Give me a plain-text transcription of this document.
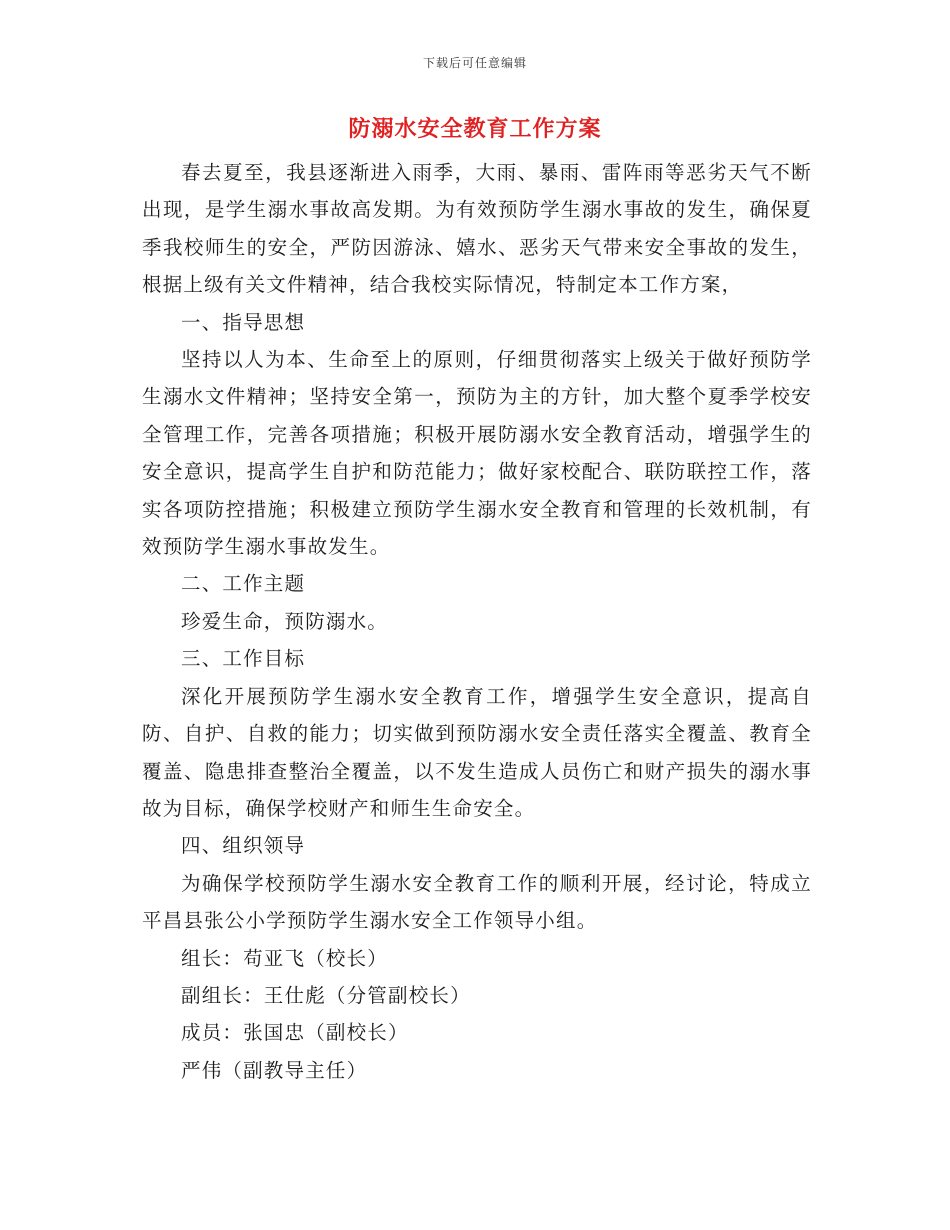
下载后可任意编辑
防溺水安全教育工作方案

春去夏至，我县逐渐进入雨季，大雨、暴雨、雷阵雨等恶劣天气不断出现，是学生溺水事故高发期。为有效预防学生溺水事故的发生，确保夏季我校师生的安全，严防因游泳、嬉水、恶劣天气带来安全事故的发生，根据上级有关文件精神，结合我校实际情况，特制定本工作方案，

一、指导思想

坚持以人为本、生命至上的原则，仔细贯彻落实上级关于做好预防学生溺水文件精神；坚持安全第一，预防为主的方针，加大整个夏季学校安全管理工作，完善各项措施；积极开展防溺水安全教育活动，增强学生的安全意识，提高学生自护和防范能力；做好家校配合、联防联控工作，落实各项防控措施；积极建立预防学生溺水安全教育和管理的长效机制，有效预防学生溺水事故发生。

二、工作主题

珍爱生命，预防溺水。

三、工作目标

深化开展预防学生溺水安全教育工作，增强学生安全意识，提高自防、自护、自救的能力；切实做到预防溺水安全责任落实全覆盖、教育全覆盖、隐患排查整治全覆盖，以不发生造成人员伤亡和财产损失的溺水事故为目标，确保学校财产和师生生命安全。

四、组织领导

为确保学校预防学生溺水安全教育工作的顺利开展，经讨论，特成立平昌县张公小学预防学生溺水安全工作领导小组。

组长：苟亚飞（校长）

副组长：王仕彪（分管副校长）

成员：张国忠（副校长）

严伟（副教导主任）
